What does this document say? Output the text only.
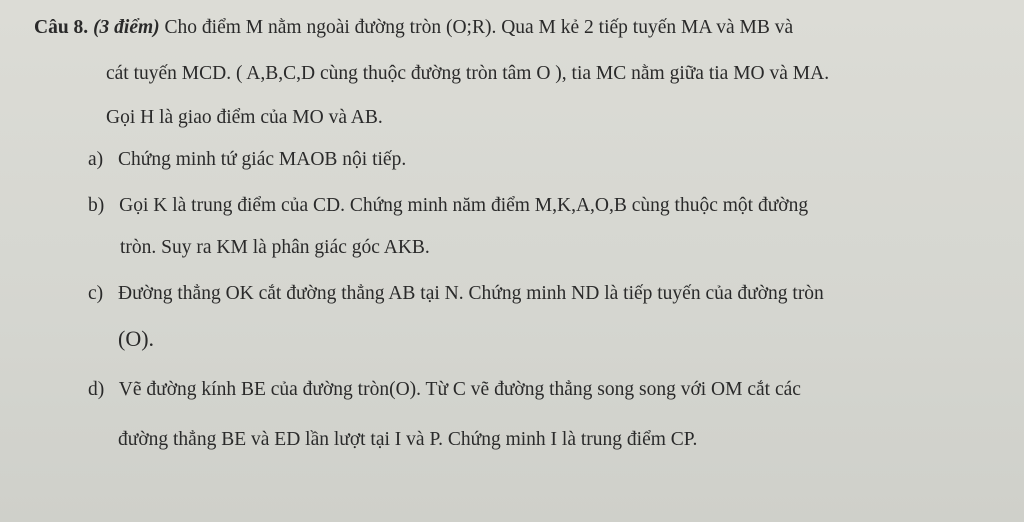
Câu 8. (3 điểm) Cho điểm M nằm ngoài đường tròn (O;R). Qua M kẻ 2 tiếp tuyến MA và MB và
cát tuyến MCD. ( A,B,C,D cùng thuộc đường tròn tâm O ), tia MC nằm giữa tia MO và MA.
Gọi H là giao điểm của MO và AB.
a) Chứng minh tứ giác MAOB nội tiếp.
b) Gọi K là trung điểm của CD. Chứng minh năm điểm M,K,A,O,B cùng thuộc một đường
tròn. Suy ra KM là phân giác góc AKB.
c) Đường thẳng OK cắt đường thẳng AB tại N. Chứng minh ND là tiếp tuyến của đường tròn
(O).
d) Vẽ đường kính BE của đường tròn(O). Từ C vẽ đường thẳng song song với OM cắt các
đường thẳng BE và ED lần lượt tại I và P. Chứng minh I là trung điểm CP.
